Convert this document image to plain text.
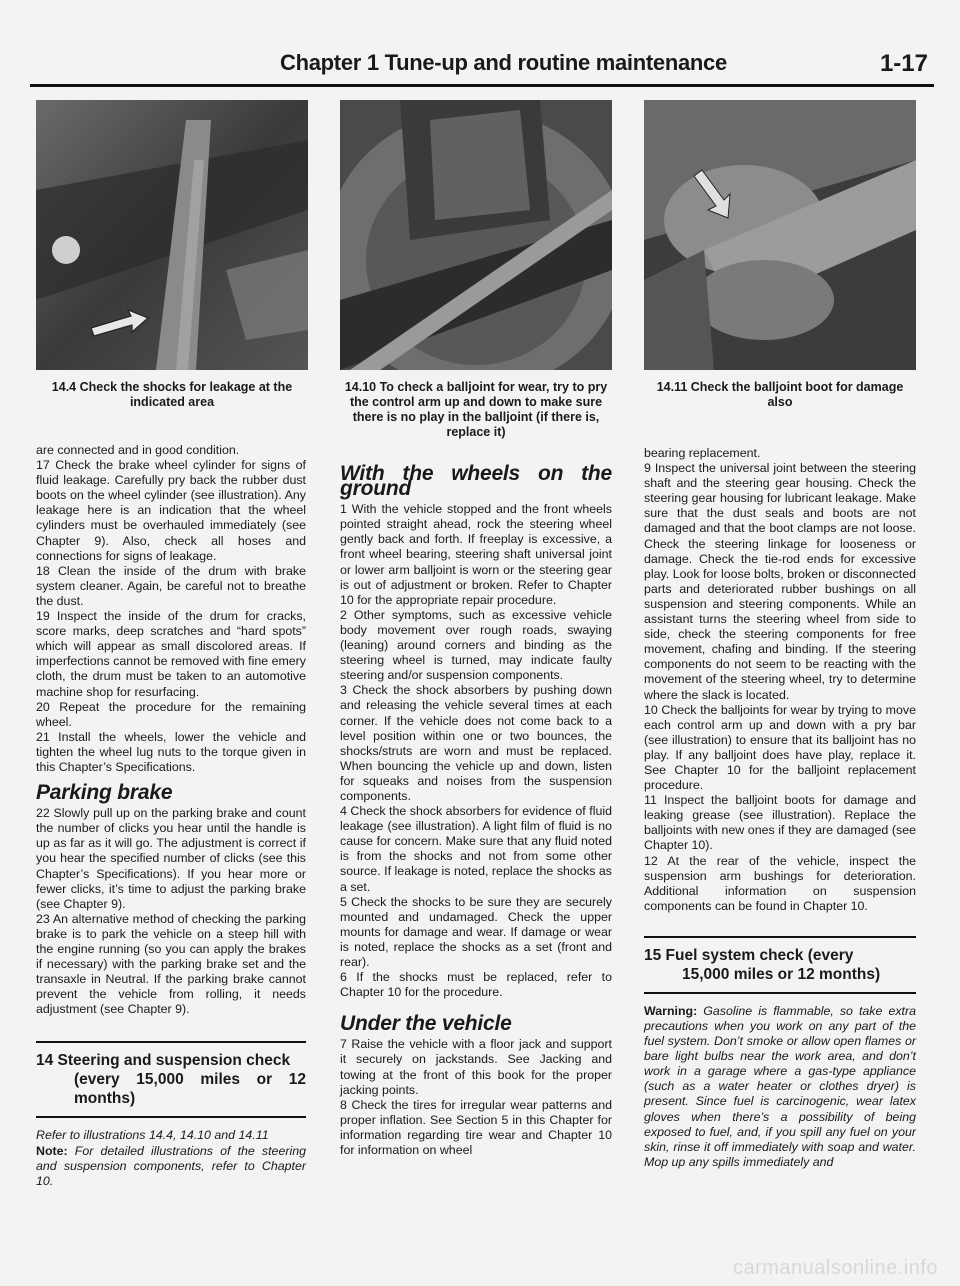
Chapter 1 Tune-up and routine maintenance	1-17
14.4 Check the shocks for leakage at the indicated area
14.10 To check a balljoint for wear, try to pry the control arm up and down to make sure there is no play in the balljoint (if there is, replace it)
14.11 Check the balljoint boot for damage also

are connected and in good condition.

17 Check the brake wheel cylinder for signs of fluid leakage. Carefully pry back the rubber dust boots on the wheel cylinder (see illustration). Any leakage here is an indication that the wheel cylinders must be overhauled immediately (see Chapter 9). Also, check all hoses and connections for signs of leakage.

18 Clean the inside of the drum with brake system cleaner. Again, be careful not to breathe the dust.

19 Inspect the inside of the drum for cracks, score marks, deep scratches and “hard spots” which will appear as small discolored areas. If imperfections cannot be removed with fine emery cloth, the drum must be taken to an automotive machine shop for resurfacing.

20 Repeat the procedure for the remaining wheel.

21 Install the wheels, lower the vehicle and tighten the wheel lug nuts to the torque given in this Chapter’s Specifications.

Parking brake

22 Slowly pull up on the parking brake and count the number of clicks you hear until the handle is up as far as it will go. The adjustment is correct if you hear the specified number of clicks (see this Chapter’s Specifications). If you hear more or fewer clicks, it’s time to adjust the parking brake (see Chapter 9).

23 An alternative method of checking the parking brake is to park the vehicle on a steep hill with the engine running (so you can apply the brakes if necessary) with the parking brake set and the transaxle in Neutral. If the parking brake cannot prevent the vehicle from rolling, it needs adjustment (see Chapter 9).

14 Steering and suspension check
(every 15,000 miles or 12 months)

Refer to illustrations 14.4, 14.10 and 14.11

Note: For detailed illustrations of the steering and suspension components, refer to Chapter 10.

With the wheels on the ground

1 With the vehicle stopped and the front wheels pointed straight ahead, rock the steering wheel gently back and forth. If freeplay is excessive, a front wheel bearing, steering shaft universal joint or lower arm balljoint is worn or the steering gear is out of adjustment or broken. Refer to Chapter 10 for the appropriate repair procedure.

2 Other symptoms, such as excessive vehicle body movement over rough roads, swaying (leaning) around corners and binding as the steering wheel is turned, may indicate faulty steering and/or suspension components.

3 Check the shock absorbers by pushing down and releasing the vehicle several times at each corner. If the vehicle does not come back to a level position within one or two bounces, the shocks/struts are worn and must be replaced. When bouncing the vehicle up and down, listen for squeaks and noises from the suspension components.

4 Check the shock absorbers for evidence of fluid leakage (see illustration). A light film of fluid is no cause for concern. Make sure that any fluid noted is from the shocks and not from some other source. If leakage is noted, replace the shocks as a set.

5 Check the shocks to be sure they are securely mounted and undamaged. Check the upper mounts for damage and wear. If damage or wear is noted, replace the shocks as a set (front and rear).

6 If the shocks must be replaced, refer to Chapter 10 for the procedure.

Under the vehicle

7 Raise the vehicle with a floor jack and support it securely on jackstands. See Jacking and towing at the front of this book for the proper jacking points.

8 Check the tires for irregular wear patterns and proper inflation. See Section 5 in this Chapter for information regarding tire wear and Chapter 10 for information on wheel

bearing replacement.

9 Inspect the universal joint between the steering shaft and the steering gear housing. Check the steering gear housing for lubricant leakage. Make sure that the dust seals and boots are not damaged and that the boot clamps are not loose. Check the steering linkage for looseness or damage. Check the tie-rod ends for excessive play. Look for loose bolts, broken or disconnected parts and deteriorated rubber bushings on all suspension and steering components. While an assistant turns the steering wheel from side to side, check the steering components for free movement, chafing and binding. If the steering components do not seem to be reacting with the movement of the steering wheel, try to determine where the slack is located.

10 Check the balljoints for wear by trying to move each control arm up and down with a pry bar (see illustration) to ensure that its balljoint has no play. If any balljoint does have play, replace it. See Chapter 10 for the balljoint replacement procedure.

11 Inspect the balljoint boots for damage and leaking grease (see illustration). Replace the balljoints with new ones if they are damaged (see Chapter 10).

12 At the rear of the vehicle, inspect the suspension arm bushings for deterioration. Additional information on suspension components can be found in Chapter 10.

15 Fuel system check (every
15,000 miles or 12 months)

Warning: Gasoline is flammable, so take extra precautions when you work on any part of the fuel system. Don’t smoke or allow open flames or bare light bulbs near the work area, and don’t work in a garage where a gas-type appliance (such as a water heater or clothes dryer) is present. Since fuel is carcinogenic, wear latex gloves when there’s a possibility of being exposed to fuel, and, if you spill any fuel on your skin, rinse it off immediately with soap and water. Mop up any spills immediately and

carmanualsonline.info
